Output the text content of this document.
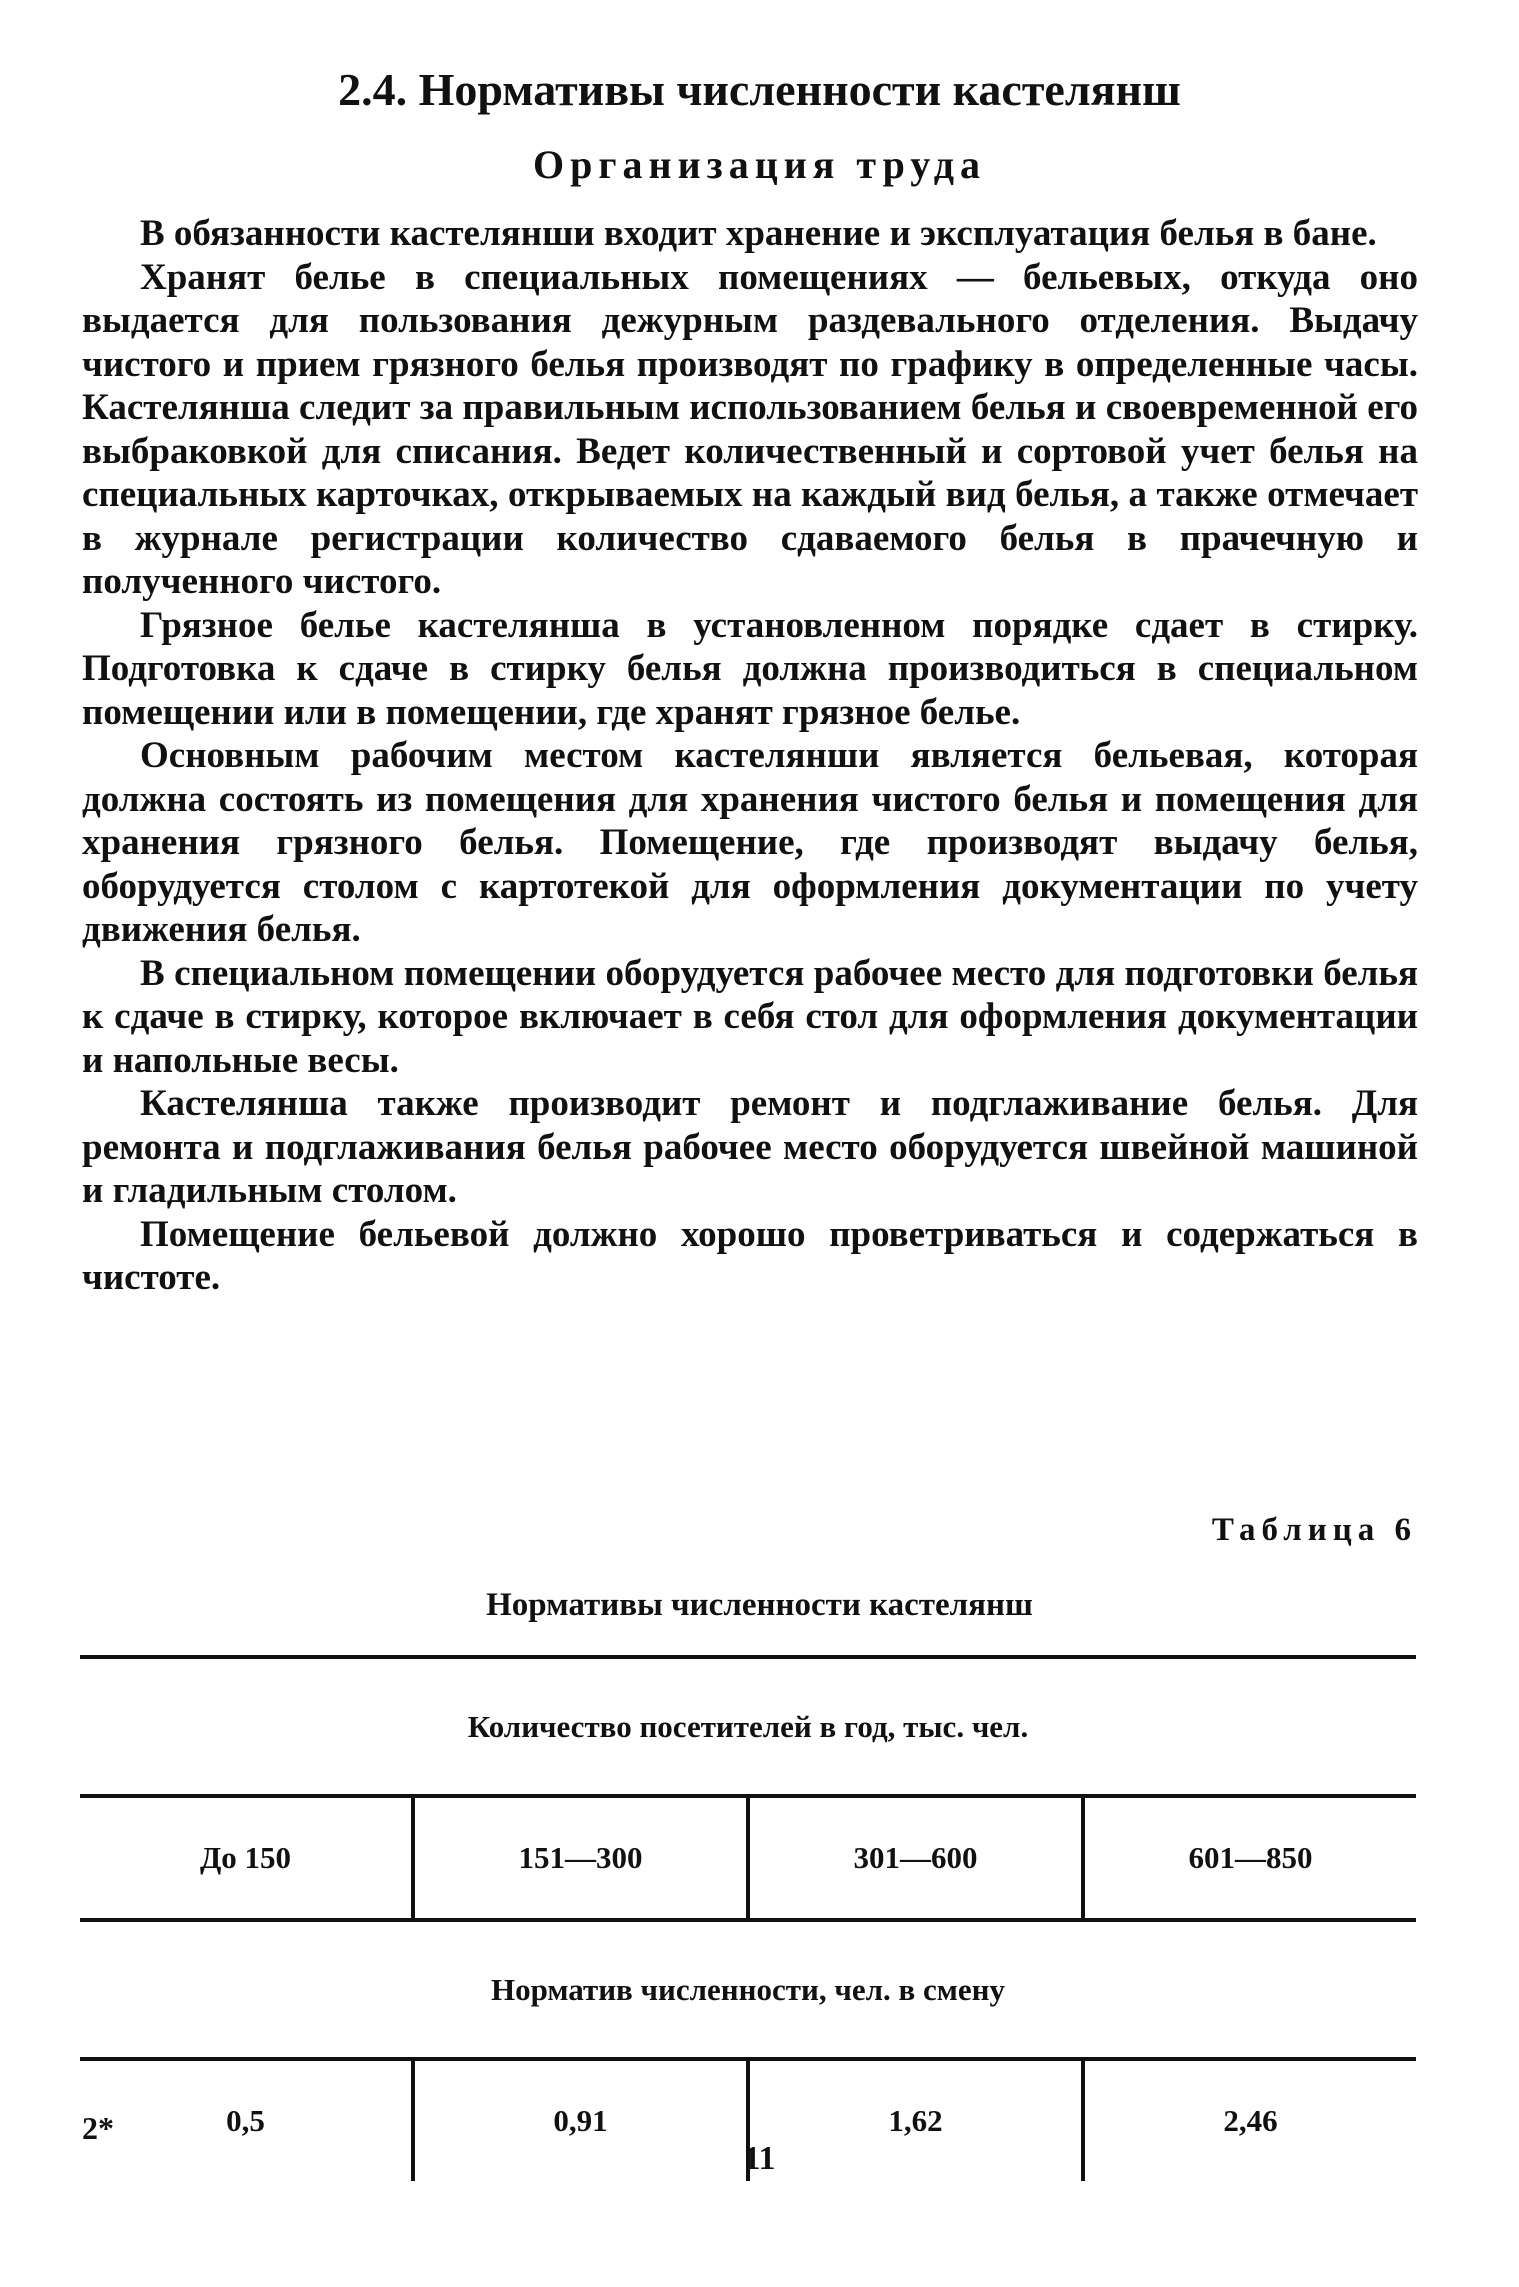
2.4. Нормативы численности кастелянш
Организация труда

В обязанности кастелянши входит хранение и эксплуатация белья в бане.

Хранят белье в специальных помещениях — бельевых, откуда оно выдается для пользования дежурным раздевального отделения. Выдачу чистого и прием грязного белья производят по графику в определенные часы. Кастелянша следит за правильным использованием белья и своевременной его выбраковкой для списания. Ведет количественный и сортовой учет белья на специальных карточках, открываемых на каждый вид белья, а также отмечает в журнале регистрации количество сдаваемого белья в прачечную и полученного чистого.

Грязное белье кастелянша в установленном порядке сдает в стирку. Подготовка к сдаче в стирку белья должна производиться в специальном помещении или в помещении, где хранят грязное белье.

Основным рабочим местом кастелянши является бельевая, которая должна состоять из помещения для хранения чистого белья и помещения для хранения грязного белья. Помещение, где производят выдачу белья, оборудуется столом с картотекой для оформления документации по учету движения белья.

В специальном помещении оборудуется рабочее место для подготовки белья к сдаче в стирку, которое включает в себя стол для оформления документации и напольные весы.

Кастелянша также производит ремонт и подглаживание белья. Для ремонта и подглаживания белья рабочее место оборудуется швейной машиной и гладильным столом.

Помещение бельевой должно хорошо проветриваться и содержаться в чистоте.

Таблица 6
Нормативы численности кастелянш
Количество посетителей в год, тыс. чел.
До 150	151—300	301—600	601—850
Норматив численности, чел. в смену
0,5	0,91	1,62	2,46
2*
11
